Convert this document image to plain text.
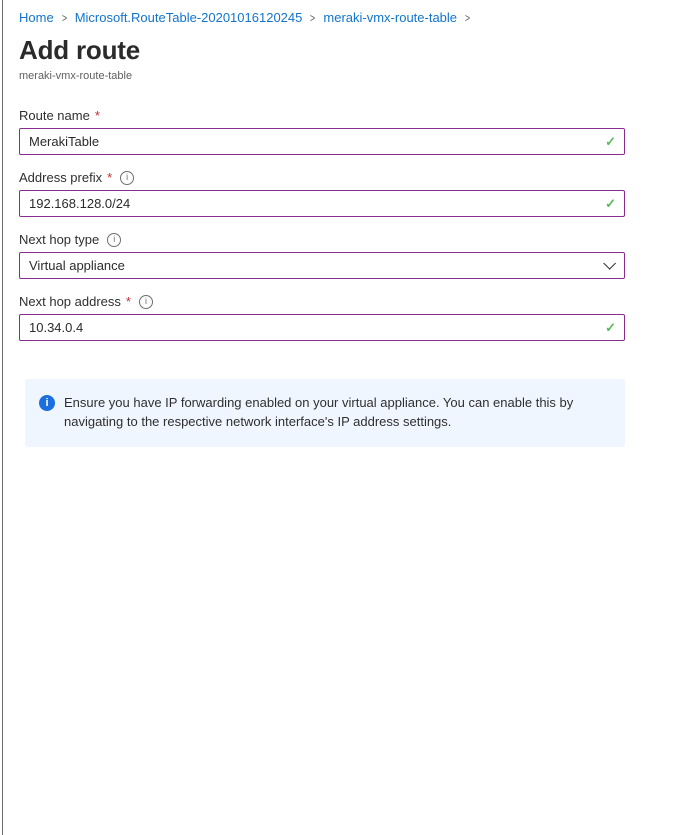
Home > Microsoft.RouteTable-20201016120245 > meraki-vmx-route-table >
Add route
meraki-vmx-route-table
Route name *
MerakiTable
✓
Address prefix *	i
192.168.128.0/24
✓
Next hop type	i
Virtual appliance
Next hop address *	i
10.34.0.4
✓
i	Ensure you have IP forwarding enabled on your virtual appliance. You can enable this by navigating to the respective network interface's IP address settings.
